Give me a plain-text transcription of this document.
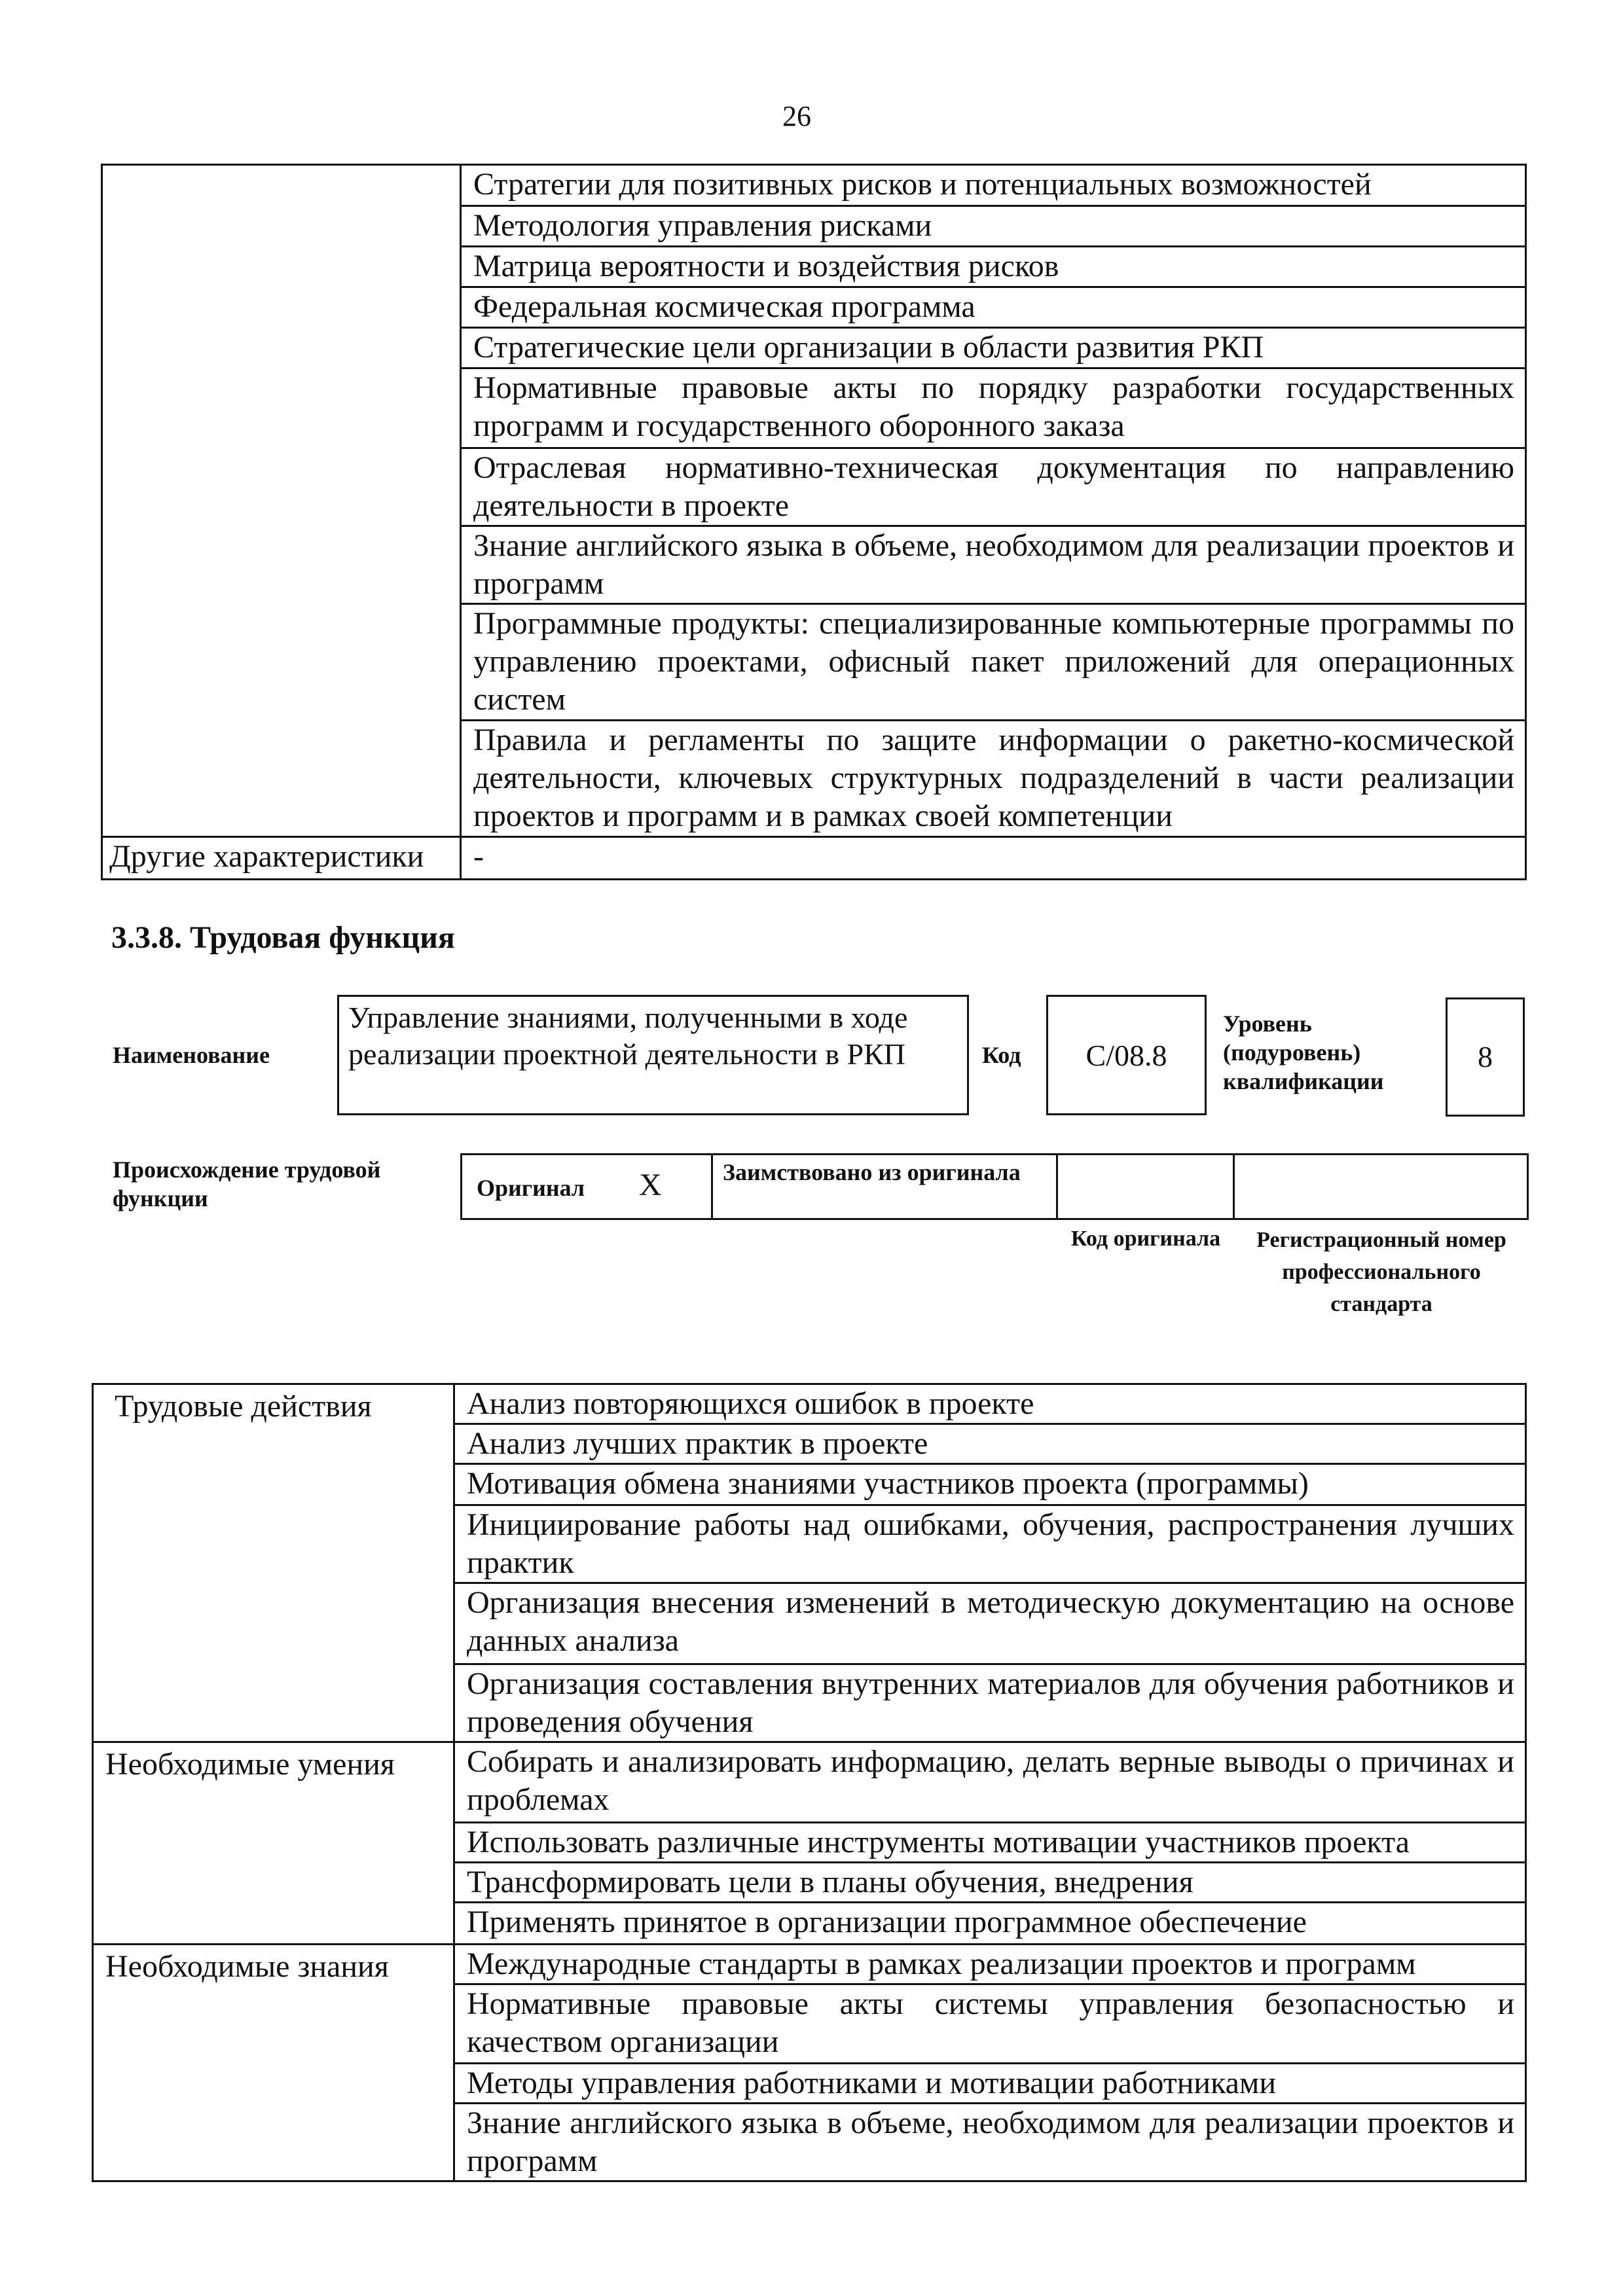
26

	Стратегии для позитивных рисков и потенциальных возможностей

	Методология управления рисками

	Матрица вероятности и воздействия рисков

	Федеральная космическая программа

	Стратегические цели организации в области развития РКП

	Нормативные правовые акты по порядку разработки государственных программ и государственного оборонного заказа

	Отраслевая нормативно-техническая документация по направлению деятельности в проекте

	Знание английского языка в объеме, необходимом для реализации проектов и программ

	Программные продукты: специализированные компьютерные программы по управлению проектами, офисный пакет приложений для операционных систем

	Правила и регламенты по защите информации о ракетно-космической деятельности, ключевых структурных подразделений в части реализации проектов и программ и в рамках своей компетенции

Другие характеристики	-
3.3.8. Трудовая функция
Наименование
Управление знаниями, полученными в ходе реализации проектной деятельности в РКП	Код	С/08.8
Уровень (подуровень) квалификации
8
Происхождение трудовой функции	Оригинал X	Заимствовано из оригинала
Код оригинала	Регистрационный номер профессионального стандарта
Трудовые действия	Анализ повторяющихся ошибок в проекте

	Анализ лучших практик в проекте

	Мотивация обмена знаниями участников проекта (программы)

	Инициирование работы над ошибками, обучения, распространения лучших практик

	Организация внесения изменений в методическую документацию на основе данных анализа

	Организация составления внутренних материалов для обучения работников и проведения обучения

Необходимые умения	Собирать и анализировать информацию, делать верные выводы о причинах и проблемах

	Использовать различные инструменты мотивации участников проекта

	Трансформировать цели в планы обучения, внедрения

	Применять принятое в организации программное обеспечение

Необходимые знания	Международные стандарты в рамках реализации проектов и программ

	Нормативные правовые акты системы управления безопасностью и качеством организации

	Методы управления работниками и мотивации работниками

	Знание английского языка в объеме, необходимом для реализации проектов и программ
